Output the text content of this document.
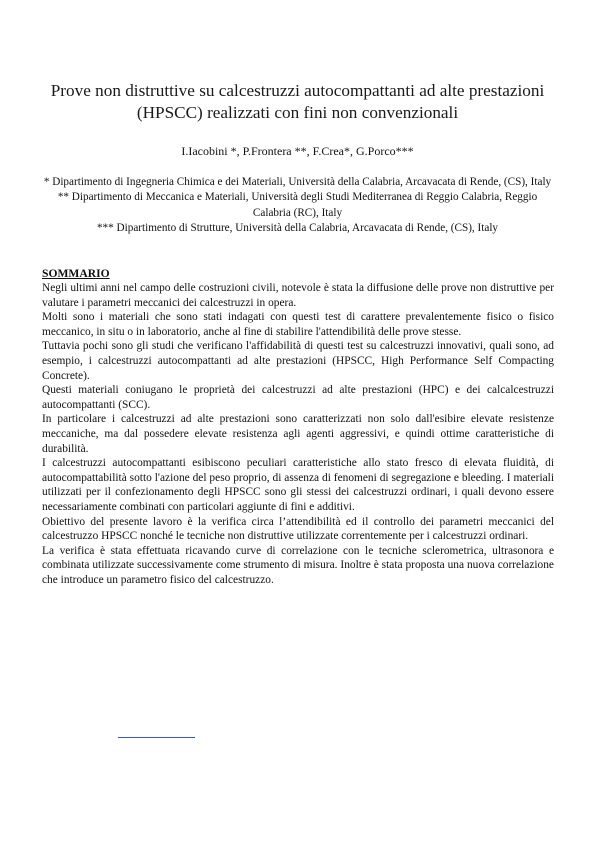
Prove non distruttive su calcestruzzi autocompattanti ad alte prestazioni (HPSCC) realizzati con fini non convenzionali
I.Iacobini *, P.Frontera **, F.Crea*, G.Porco***

* Dipartimento di Ingegneria Chimica e dei Materiali, Università della Calabria, Arcavacata di Rende, (CS), Italy

** Dipartimento di Meccanica e Materiali, Università degli Studi Mediterranea di Reggio Calabria, Reggio Calabria (RC), Italy

*** Dipartimento di Strutture, Università della Calabria, Arcavacata di Rende, (CS), Italy

SOMMARIO

Negli ultimi anni nel campo delle costruzioni civili, notevole è stata la diffusione delle prove non distruttive per valutare i parametri meccanici dei calcestruzzi in opera.

Molti sono i materiali che sono stati indagati con questi test di carattere prevalentemente fisico o fisico meccanico, in situ o in laboratorio, anche al fine di stabilire l'attendibilità delle prove stesse.

Tuttavia pochi sono gli studi che verificano l'affidabilità di questi test su calcestruzzi innovativi, quali sono, ad esempio, i calcestruzzi autocompattanti ad alte prestazioni (HPSCC, High Performance Self Compacting Concrete).

Questi materiali coniugano le proprietà dei calcestruzzi ad alte prestazioni (HPC) e dei calcalcestruzzi autocompattanti (SCC).

In particolare i calcestruzzi ad alte prestazioni sono caratterizzati non solo dall'esibire elevate resistenze meccaniche, ma dal possedere elevate resistenza agli agenti aggressivi, e quindi ottime caratteristiche di durabilità.

I calcestruzzi autocompattanti esibiscono peculiari caratteristiche allo stato fresco di elevata fluidità, di autocompattabilità sotto l'azione del peso proprio, di assenza di fenomeni di segregazione e bleeding. I materiali utilizzati per il confezionamento degli HPSCC sono gli stessi dei calcestruzzi ordinari, i quali devono essere necessariamente combinati con particolari aggiunte di fini e additivi.

Obiettivo del presente lavoro è la verifica circa l’attendibilità ed il controllo dei parametri meccanici del calcestruzzo HPSCC nonché le tecniche non distruttive utilizzate correntemente per i calcestruzzi ordinari.

La verifica è stata effettuata ricavando curve di correlazione con le tecniche sclerometrica, ultrasonora e combinata utilizzate successivamente come strumento di misura. Inoltre è stata proposta una nuova correlazione che introduce un parametro fisico del calcestruzzo.
